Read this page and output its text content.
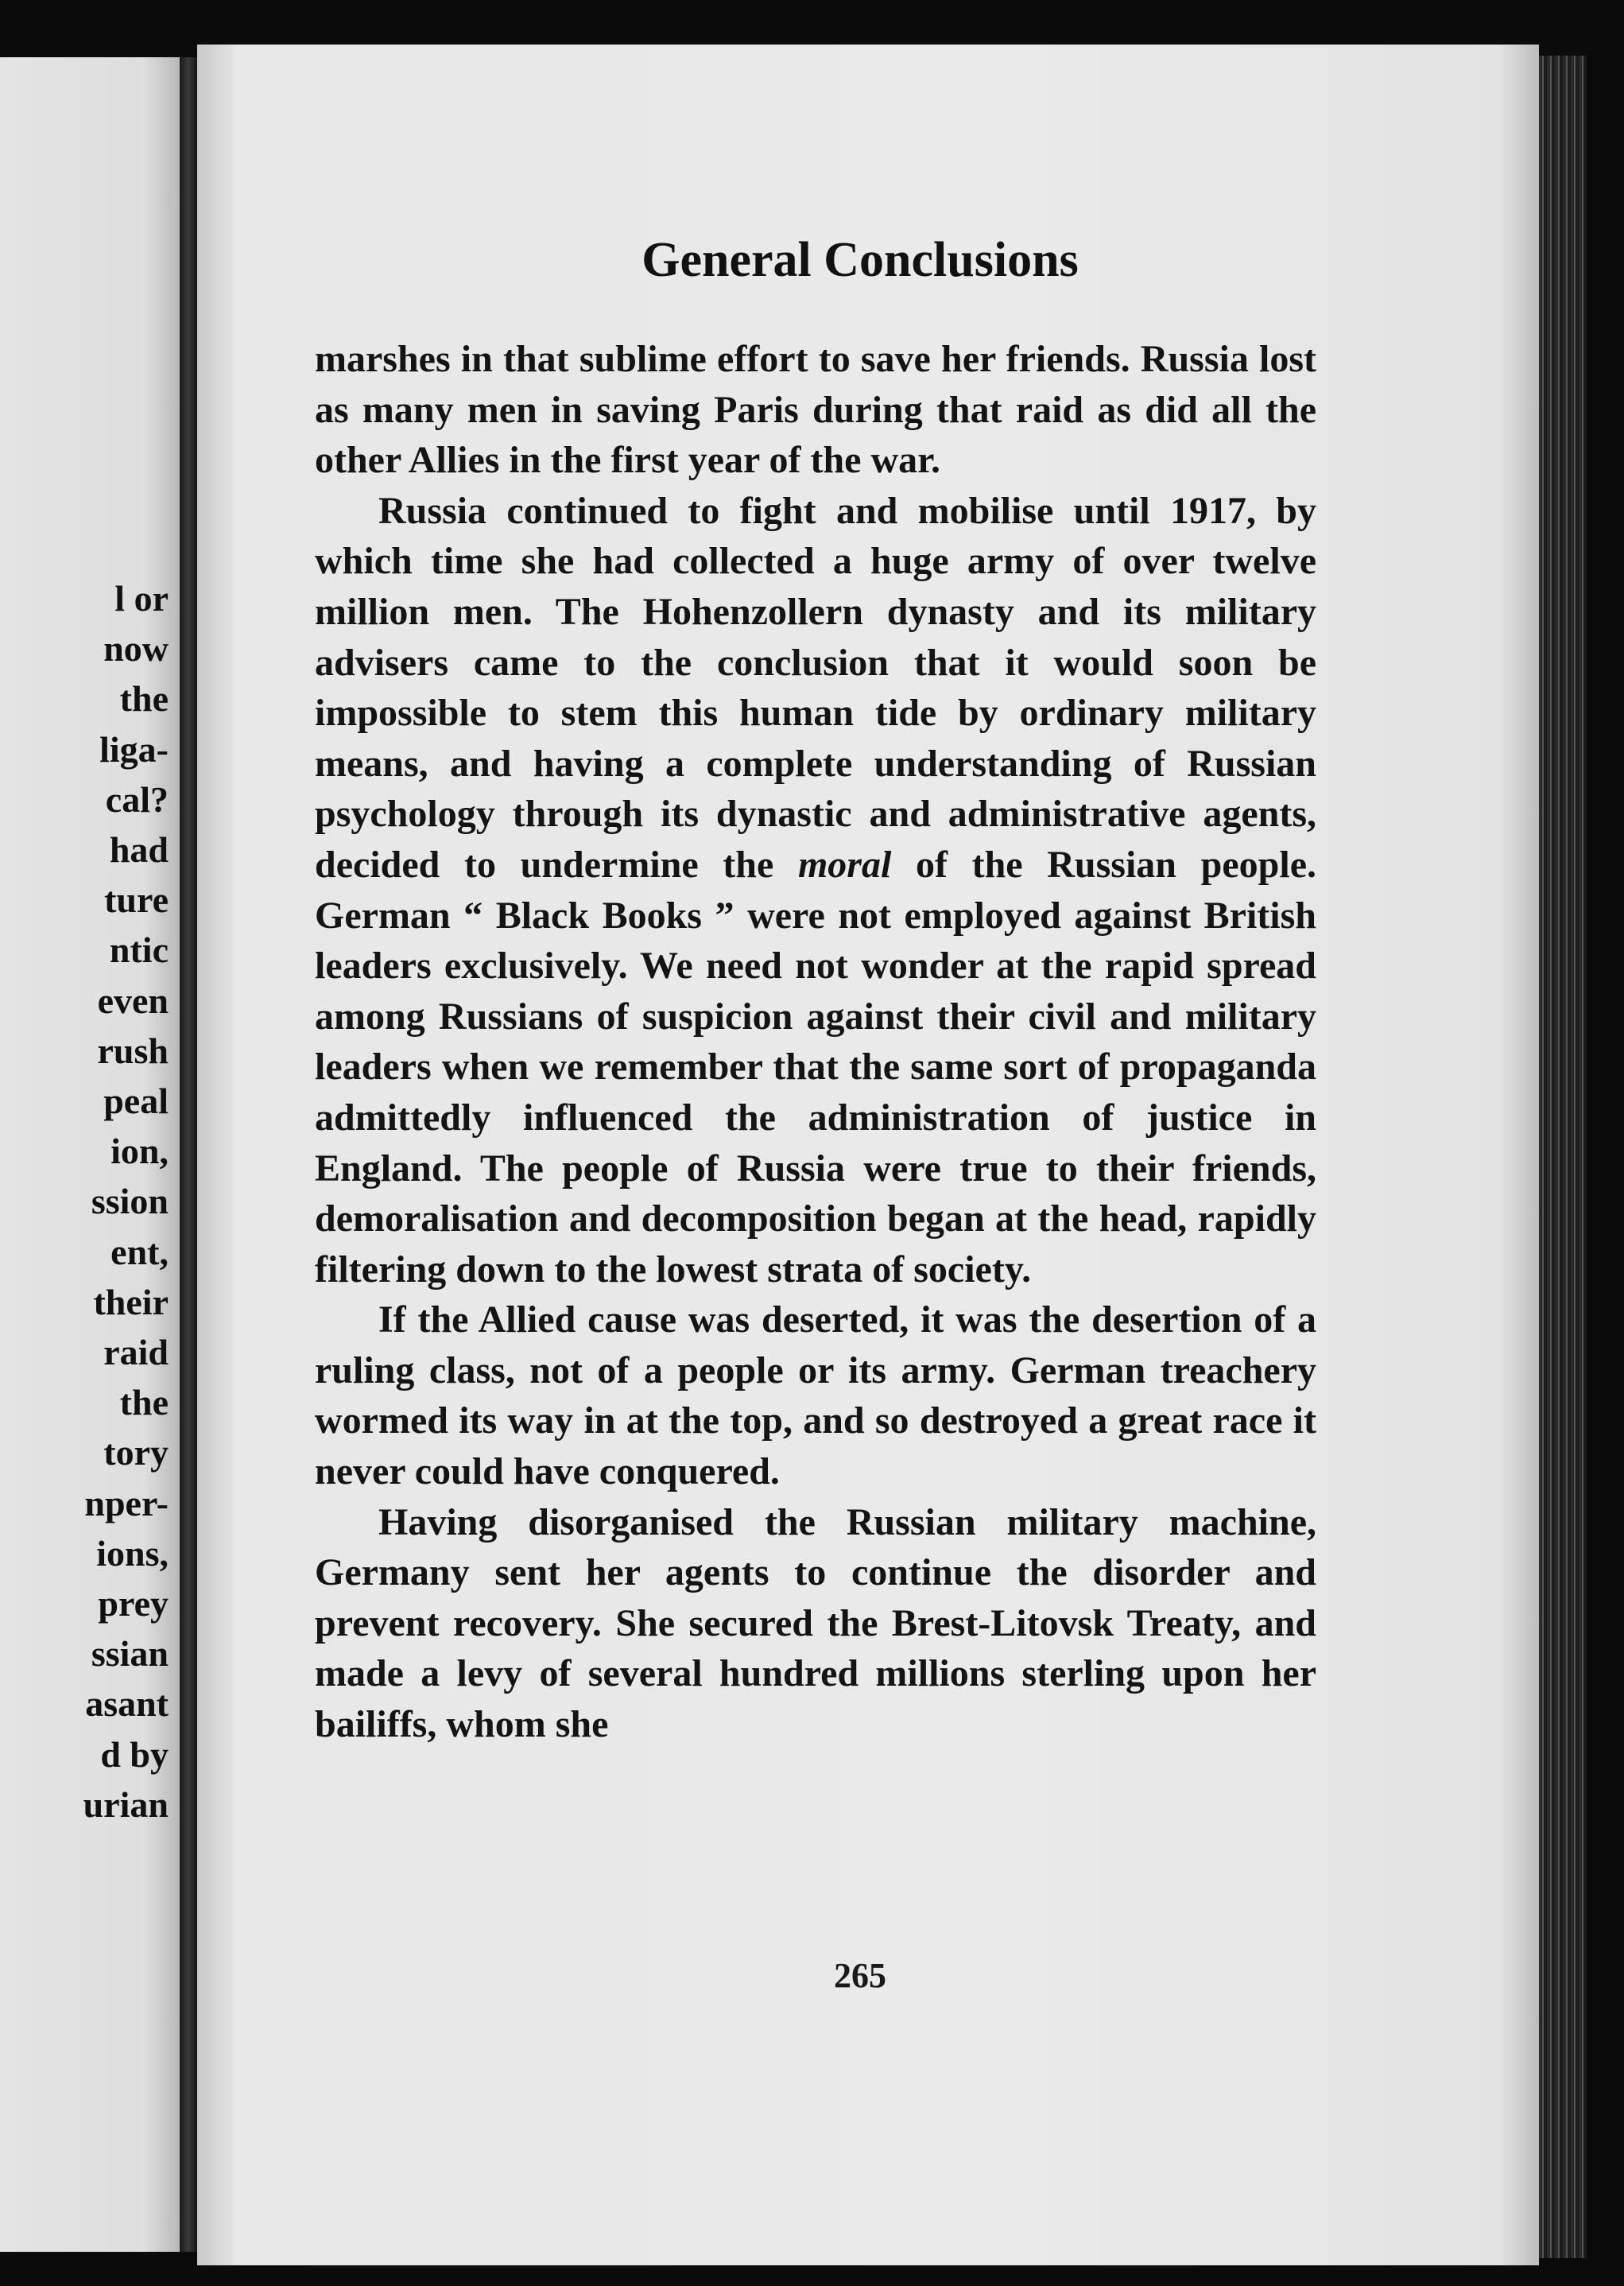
l or
now
the
liga-
cal?
had
ture
ntic
even
rush
peal
ion,
ssion
ent,
their
raid
the
tory
nper-
ions,
prey
ssian
asant
d by
urian
General Conclusions

marshes in that sublime effort to save her friends. Russia lost as many men in saving Paris during that raid as did all the other Allies in the first year of the war.

Russia continued to fight and mobilise until 1917, by which time she had collected a huge army of over twelve million men. The Hohenzollern dynasty and its military advisers came to the conclusion that it would soon be impossible to stem this human tide by ordinary military means, and having a complete understanding of Russian psychology through its dynastic and administrative agents, decided to undermine the moral of the Russian people. German “ Black Books ” were not employed against British leaders exclusively. We need not wonder at the rapid spread among Russians of suspicion against their civil and military leaders when we remember that the same sort of propaganda admittedly influenced the administration of justice in England. The people of Russia were true to their friends, demoralisation and decomposition began at the head, rapidly filtering down to the lowest strata of society.

If the Allied cause was deserted, it was the desertion of a ruling class, not of a people or its army. German treachery wormed its way in at the top, and so destroyed a great race it never could have conquered.

Having disorganised the Russian military machine, Germany sent her agents to continue the disorder and prevent recovery. She secured the Brest-Litovsk Treaty, and made a levy of several hundred millions sterling upon her bailiffs, whom she

265
